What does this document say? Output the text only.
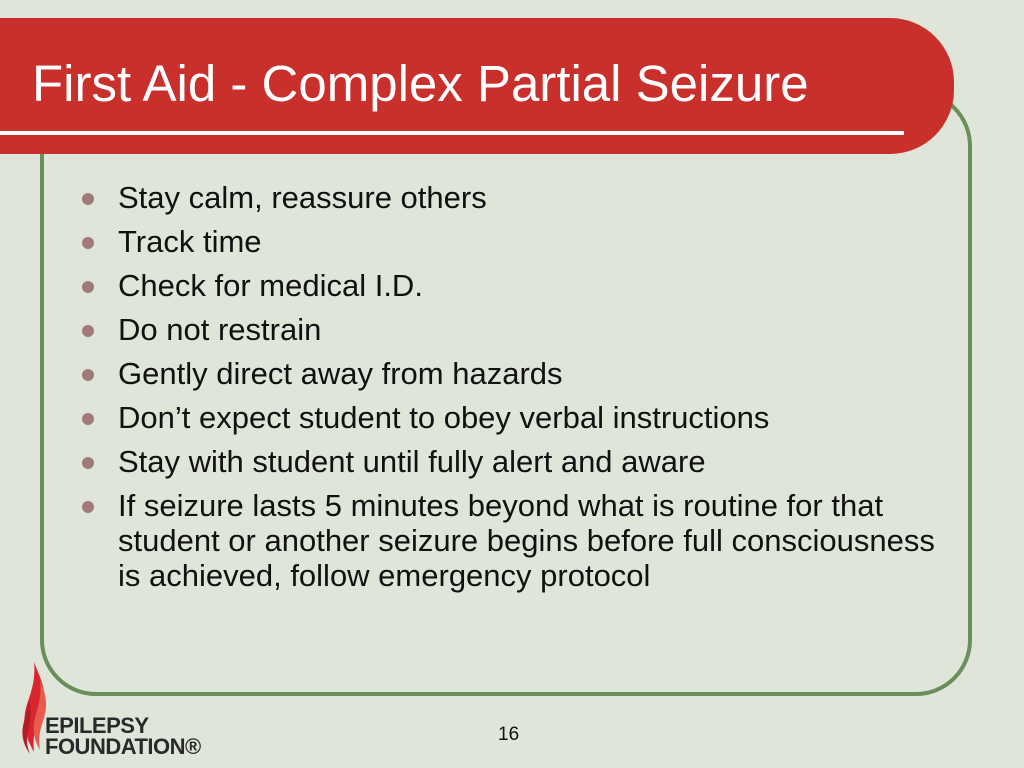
First Aid - Complex Partial Seizure
Stay calm, reassure others
Track time
Check for medical I.D.
Do not restrain
Gently direct away from hazards
Don’t expect student to obey verbal instructions
Stay with student until fully alert and aware
If seizure lasts 5 minutes beyond what is routine for that student or another seizure begins before full consciousness is achieved, follow emergency protocol
EPILEPSY
FOUNDATION®	16
